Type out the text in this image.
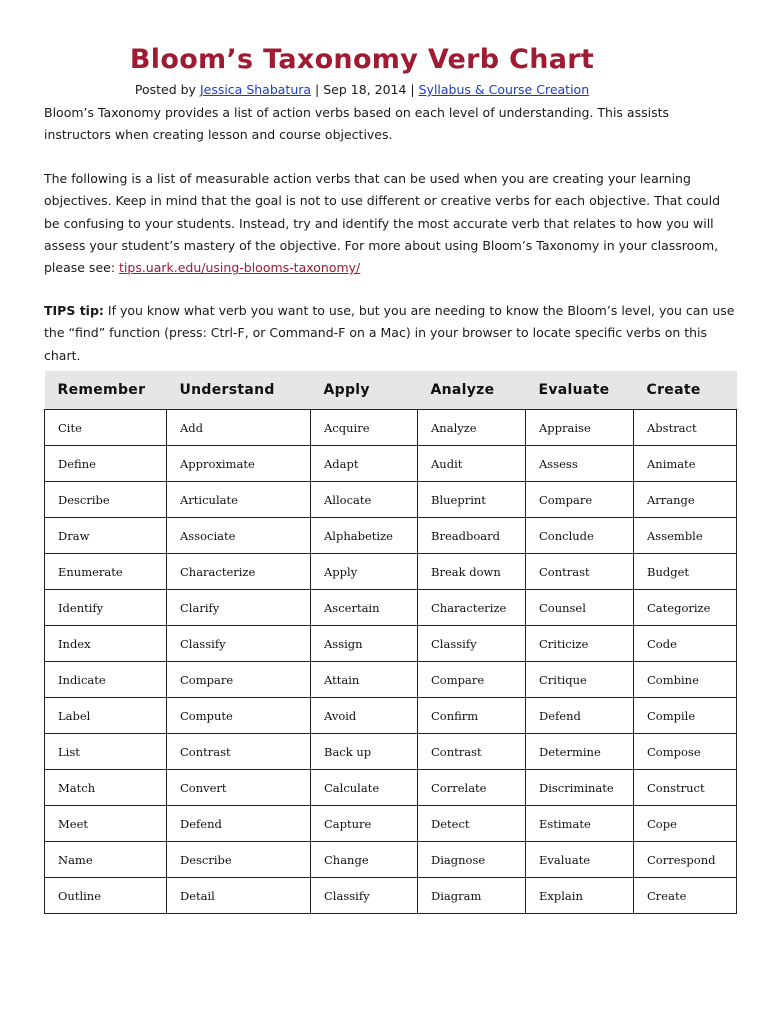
Bloom’s Taxonomy Verb Chart
Posted by Jessica Shabatura | Sep 18, 2014 | Syllabus & Course Creation

Bloom’s Taxonomy provides a list of action verbs based on each level of understanding. This assists instructors when creating lesson and course objectives.

The following is a list of measurable action verbs that can be used when you are creating your learning objectives. Keep in mind that the goal is not to use different or creative verbs for each objective. That could be confusing to your students. Instead, try and identify the most accurate verb that relates to how you will assess your student’s mastery of the objective. For more about using Bloom’s Taxonomy in your classroom, please see: tips.uark.edu/using-blooms-taxonomy/

TIPS tip: If you know what verb you want to use, but you are needing to know the Bloom’s level, you can use the “find” function (press: Ctrl-F, or Command-F on a Mac) in your browser to locate specific verbs on this chart.

Remember	Understand	Apply	Analyze	Evaluate	Create
Cite	Add	Acquire	Analyze	Appraise	Abstract
Define	Approximate	Adapt	Audit	Assess	Animate
Describe	Articulate	Allocate	Blueprint	Compare	Arrange
Draw	Associate	Alphabetize	Breadboard	Conclude	Assemble
Enumerate	Characterize	Apply	Break down	Contrast	Budget
Identify	Clarify	Ascertain	Characterize	Counsel	Categorize
Index	Classify	Assign	Classify	Criticize	Code
Indicate	Compare	Attain	Compare	Critique	Combine
Label	Compute	Avoid	Confirm	Defend	Compile
List	Contrast	Back up	Contrast	Determine	Compose
Match	Convert	Calculate	Correlate	Discriminate	Construct
Meet	Defend	Capture	Detect	Estimate	Cope
Name	Describe	Change	Diagnose	Evaluate	Correspond
Outline	Detail	Classify	Diagram	Explain	Create
